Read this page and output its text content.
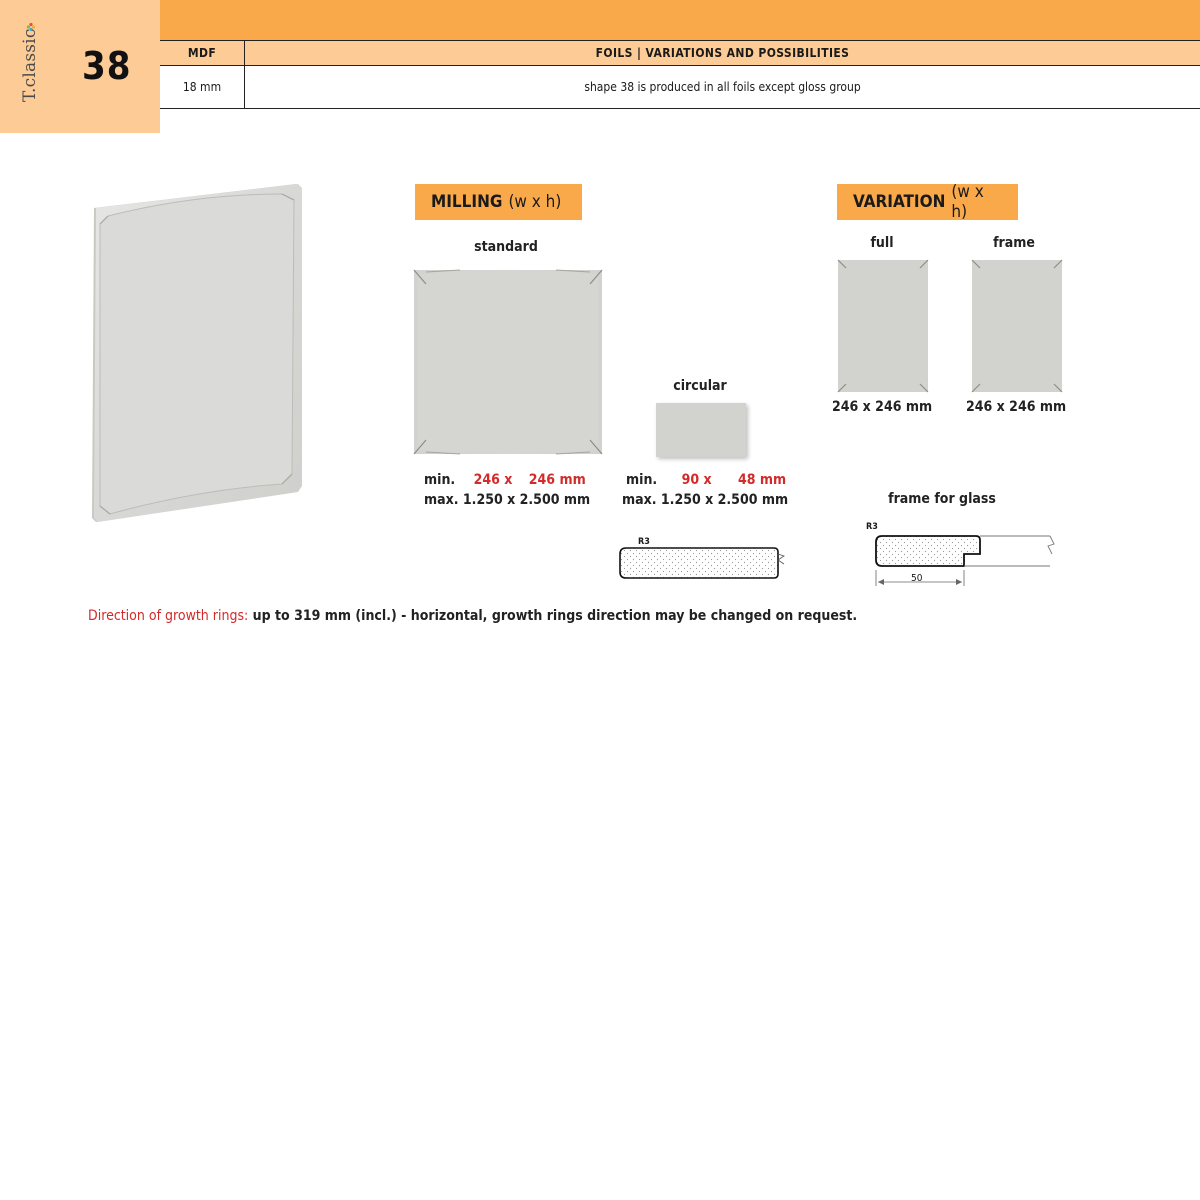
T.classic 38	MDF	FOILS | VARIATIONS AND POSSIBILITIES
18 mm	shape 38 is produced in all foils except gloss group
MILLING (w x h)
standard
min. 246 x 246 mm
max. 1.250 x 2.500 mm
circular
min. 90 x 48 mm
max. 1.250 x 2.500 mm
R3
VARIATION (w x h)
full
246 x 246 mm
frame
246 x 246 mm
frame for glass
R3
50
Direction of growth rings: up to 319 mm (incl.) - horizontal, growth rings direction may be changed on request.
